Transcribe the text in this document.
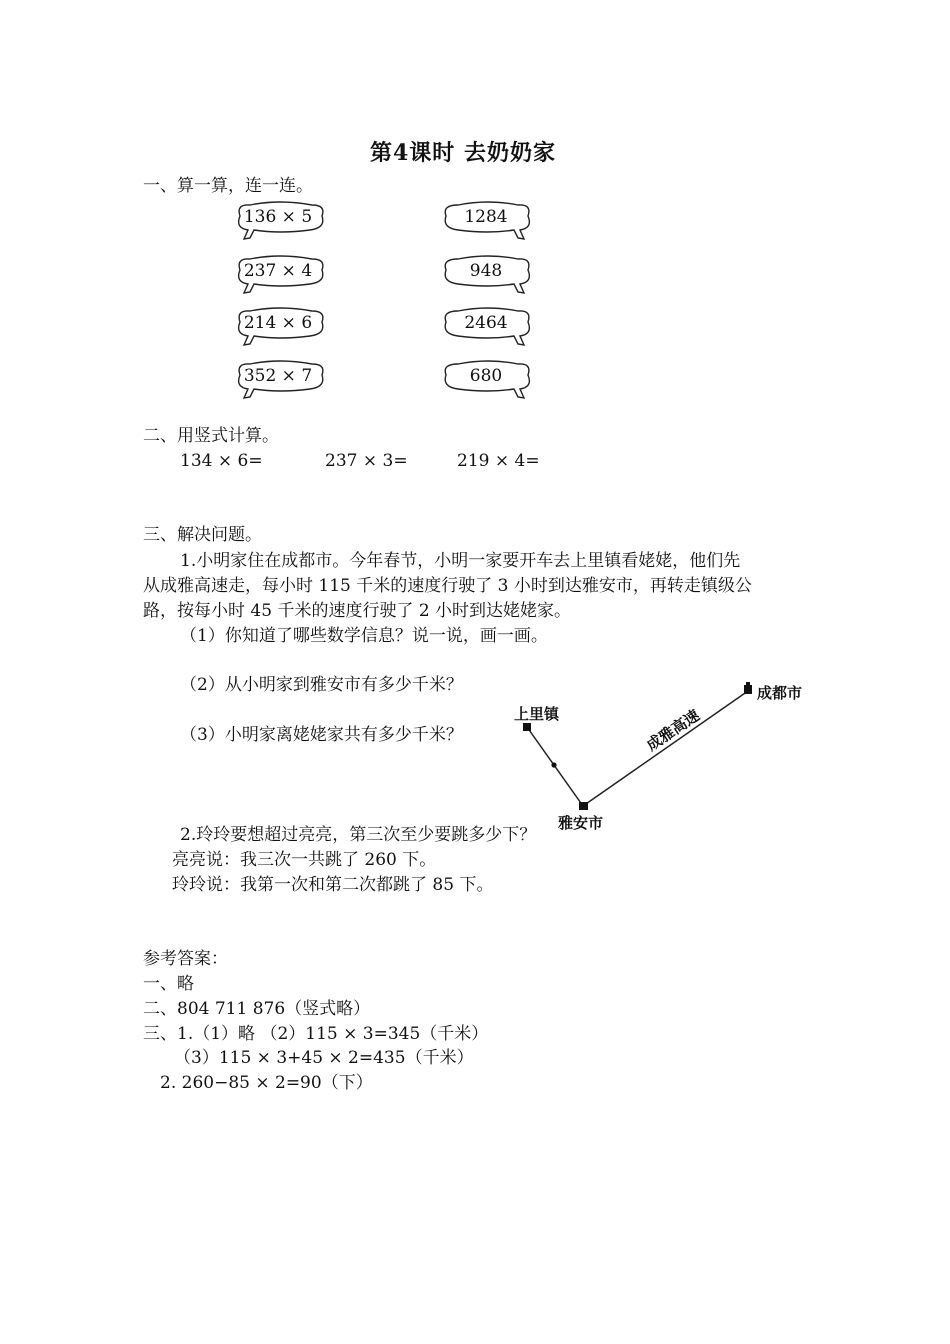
第4课时 去奶奶家
一、算一算，连一连。
136 × 5
237 × 4
214 × 6
352 × 7
1284
948
2464
680
二、用竖式计算。
134 × 6=	237 × 3=	219 × 4=
三、解决问题。
1.小明家住在成都市。今年春节，小明一家要开车去上里镇看姥姥，他们先
从成雅高速走，每小时 115 千米的速度行驶了 3 小时到达雅安市，再转走镇级公
路，按每小时 45 千米的速度行驶了 2 小时到达姥姥家。
（1）你知道了哪些数学信息？说一说，画一画。
（2）从小明家到雅安市有多少千米？
（3）小明家离姥姥家共有多少千米？
上里镇
成都市
雅安市
成雅高速
2.玲玲要想超过亮亮，第三次至少要跳多少下？
亮亮说：我三次一共跳了 260 下。
玲玲说：我第一次和第二次都跳了 85 下。
参考答案：
一、略
二、804 711 876（竖式略）
三、1.（1）略 （2）115 × 3=345（千米）
（3）115 × 3+45 × 2=435（千米）
2. 260−85 × 2=90（下）
